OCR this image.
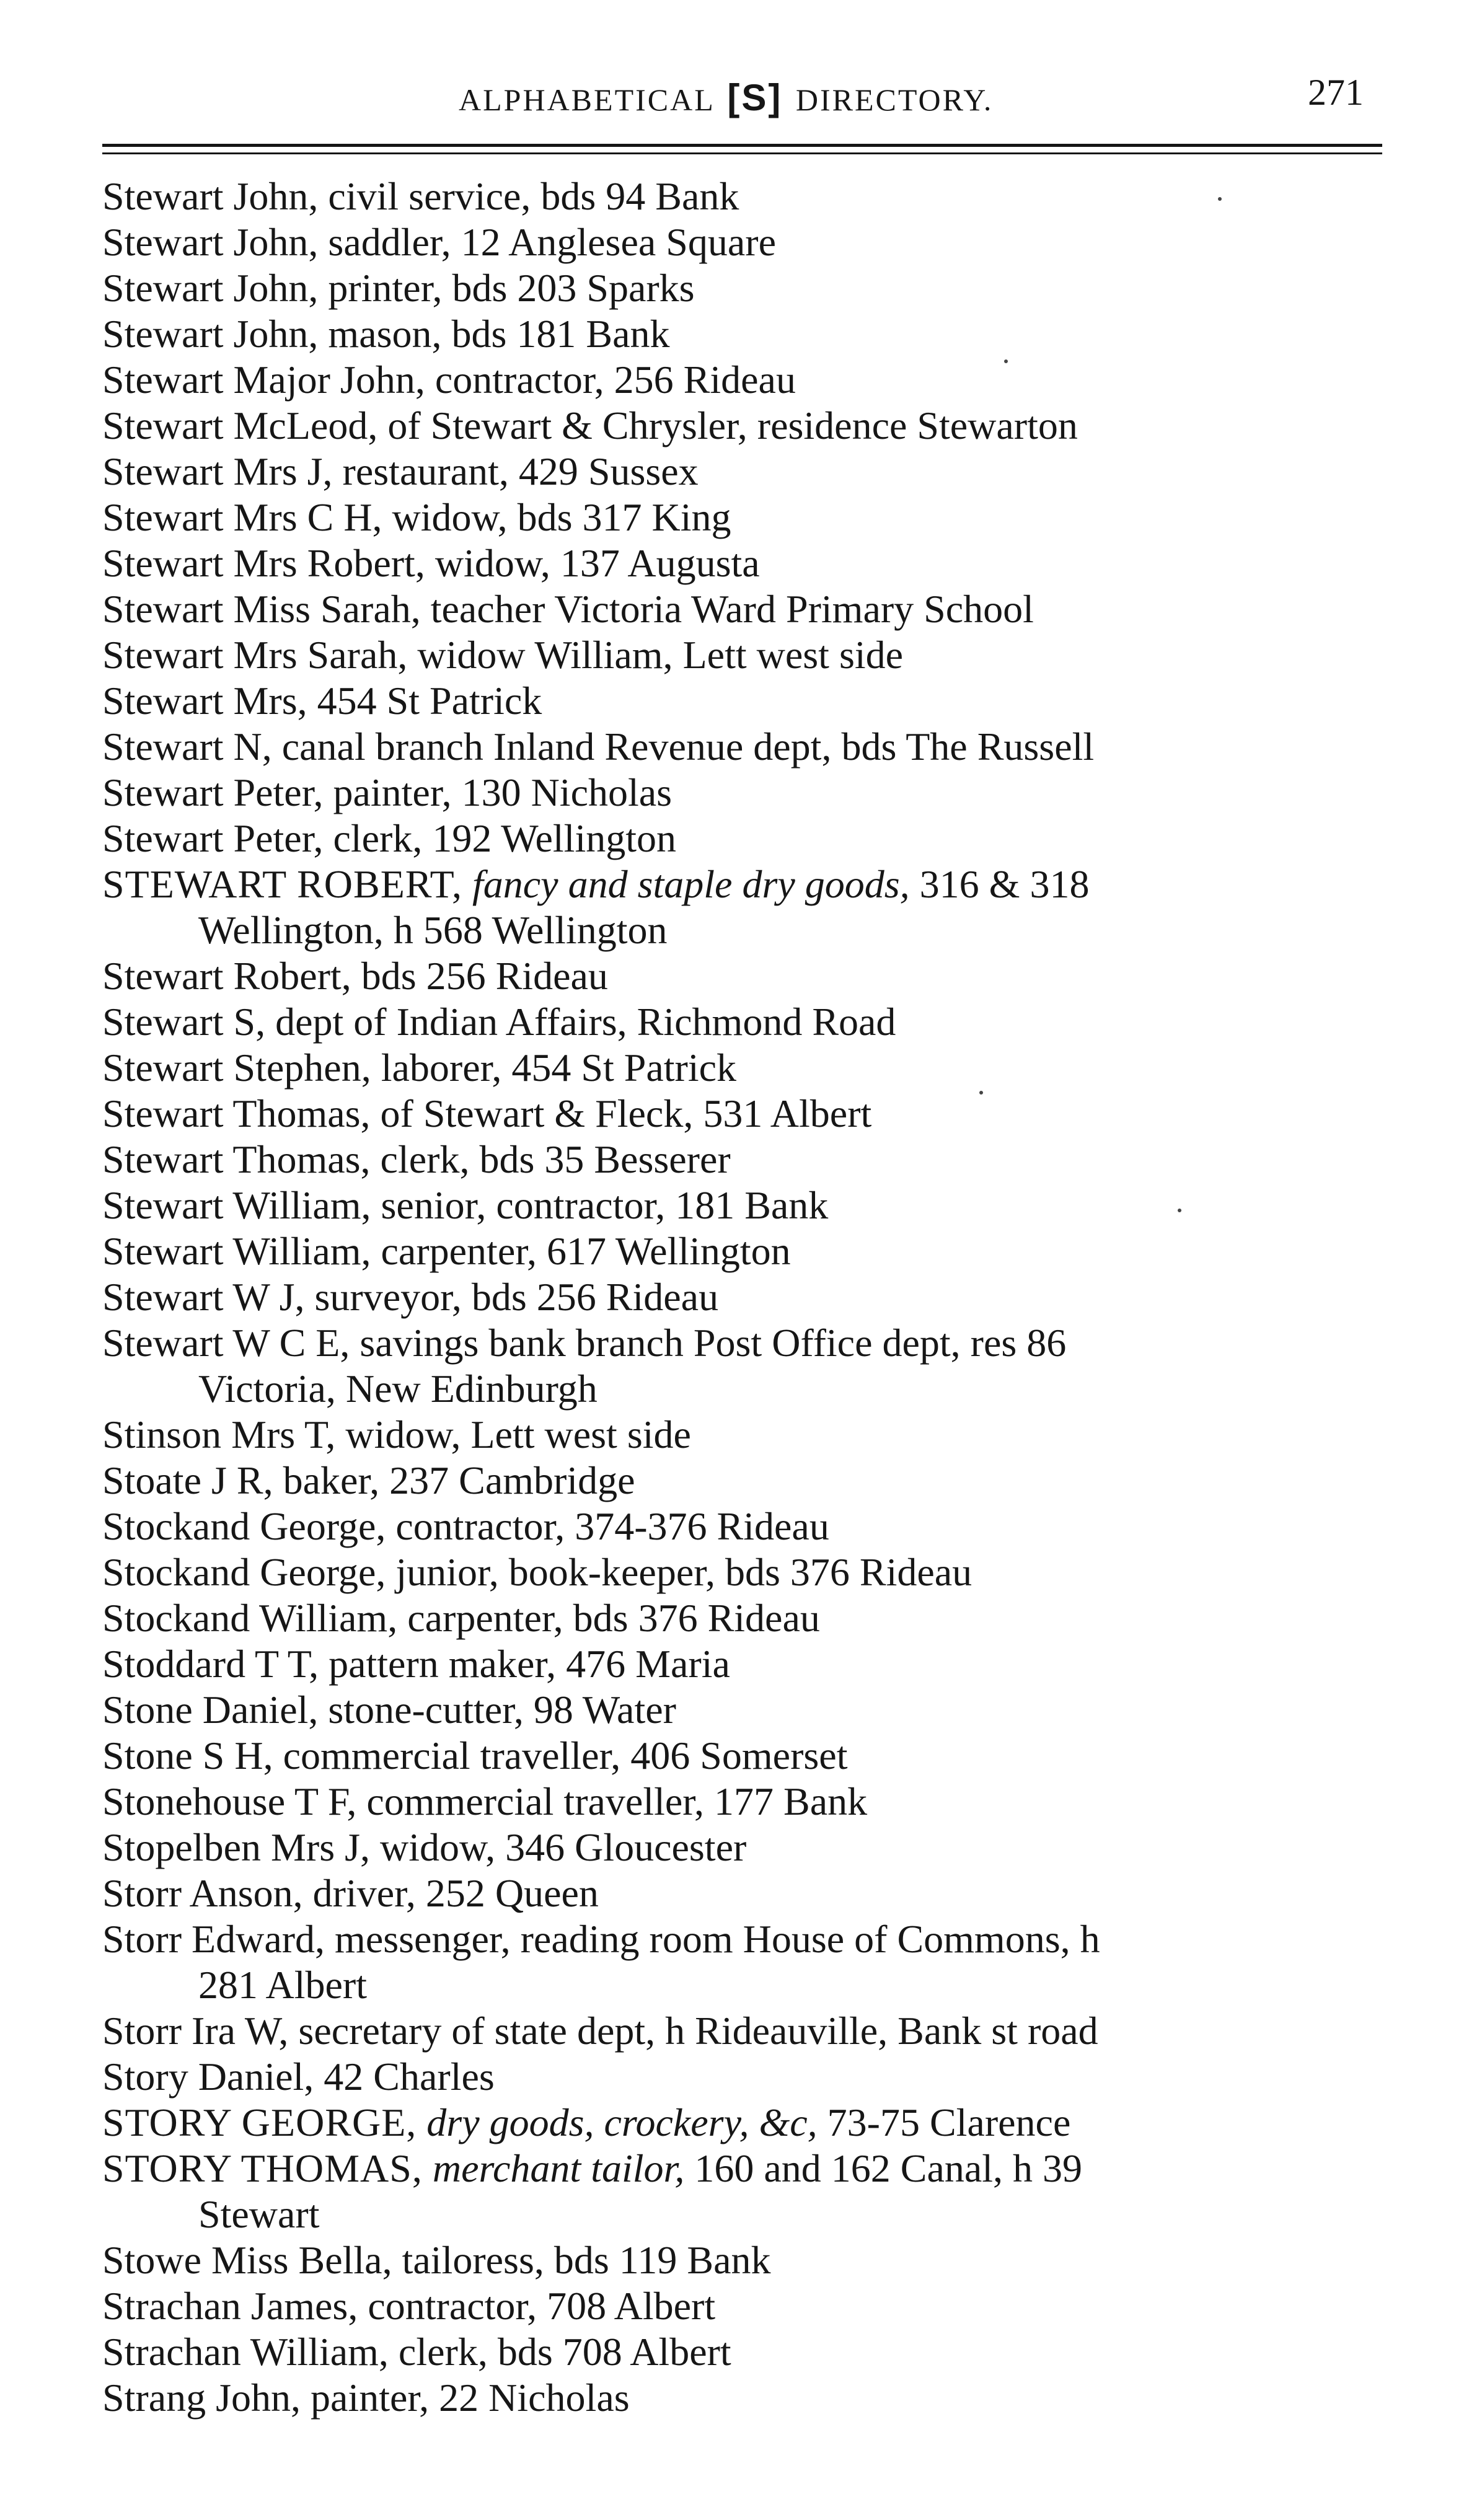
ALPHABETICAL [S] DIRECTORY.	271
Stewart John, civil service, bds 94 Bank
Stewart John, saddler, 12 Anglesea Square
Stewart John, printer, bds 203 Sparks
Stewart John, mason, bds 181 Bank
Stewart Major John, contractor, 256 Rideau
Stewart McLeod, of Stewart & Chrysler, residence Stewarton
Stewart Mrs J, restaurant, 429 Sussex
Stewart Mrs C H, widow, bds 317 King
Stewart Mrs Robert, widow, 137 Augusta
Stewart Miss Sarah, teacher Victoria Ward Primary School
Stewart Mrs Sarah, widow William, Lett west side
Stewart Mrs, 454 St Patrick
Stewart N, canal branch Inland Revenue dept, bds The Russell
Stewart Peter, painter, 130 Nicholas
Stewart Peter, clerk, 192 Wellington
STEWART ROBERT, fancy and staple dry goods, 316 & 318
Wellington, h 568 Wellington
Stewart Robert, bds 256 Rideau
Stewart S, dept of Indian Affairs, Richmond Road
Stewart Stephen, laborer, 454 St Patrick
Stewart Thomas, of Stewart & Fleck, 531 Albert
Stewart Thomas, clerk, bds 35 Besserer
Stewart William, senior, contractor, 181 Bank
Stewart William, carpenter, 617 Wellington
Stewart W J, surveyor, bds 256 Rideau
Stewart W C E, savings bank branch Post Office dept, res 86
Victoria, New Edinburgh
Stinson Mrs T, widow, Lett west side
Stoate J R, baker, 237 Cambridge
Stockand George, contractor, 374-376 Rideau
Stockand George, junior, book-keeper, bds 376 Rideau
Stockand William, carpenter, bds 376 Rideau
Stoddard T T, pattern maker, 476 Maria
Stone Daniel, stone-cutter, 98 Water
Stone S H, commercial traveller, 406 Somerset
Stonehouse T F, commercial traveller, 177 Bank
Stopelben Mrs J, widow, 346 Gloucester
Storr Anson, driver, 252 Queen
Storr Edward, messenger, reading room House of Commons, h
281 Albert
Storr Ira W, secretary of state dept, h Rideauville, Bank st road
Story Daniel, 42 Charles
STORY GEORGE, dry goods, crockery, &c, 73-75 Clarence
STORY THOMAS, merchant tailor, 160 and 162 Canal, h 39
Stewart
Stowe Miss Bella, tailoress, bds 119 Bank
Strachan James, contractor, 708 Albert
Strachan William, clerk, bds 708 Albert
Strang John, painter, 22 Nicholas
